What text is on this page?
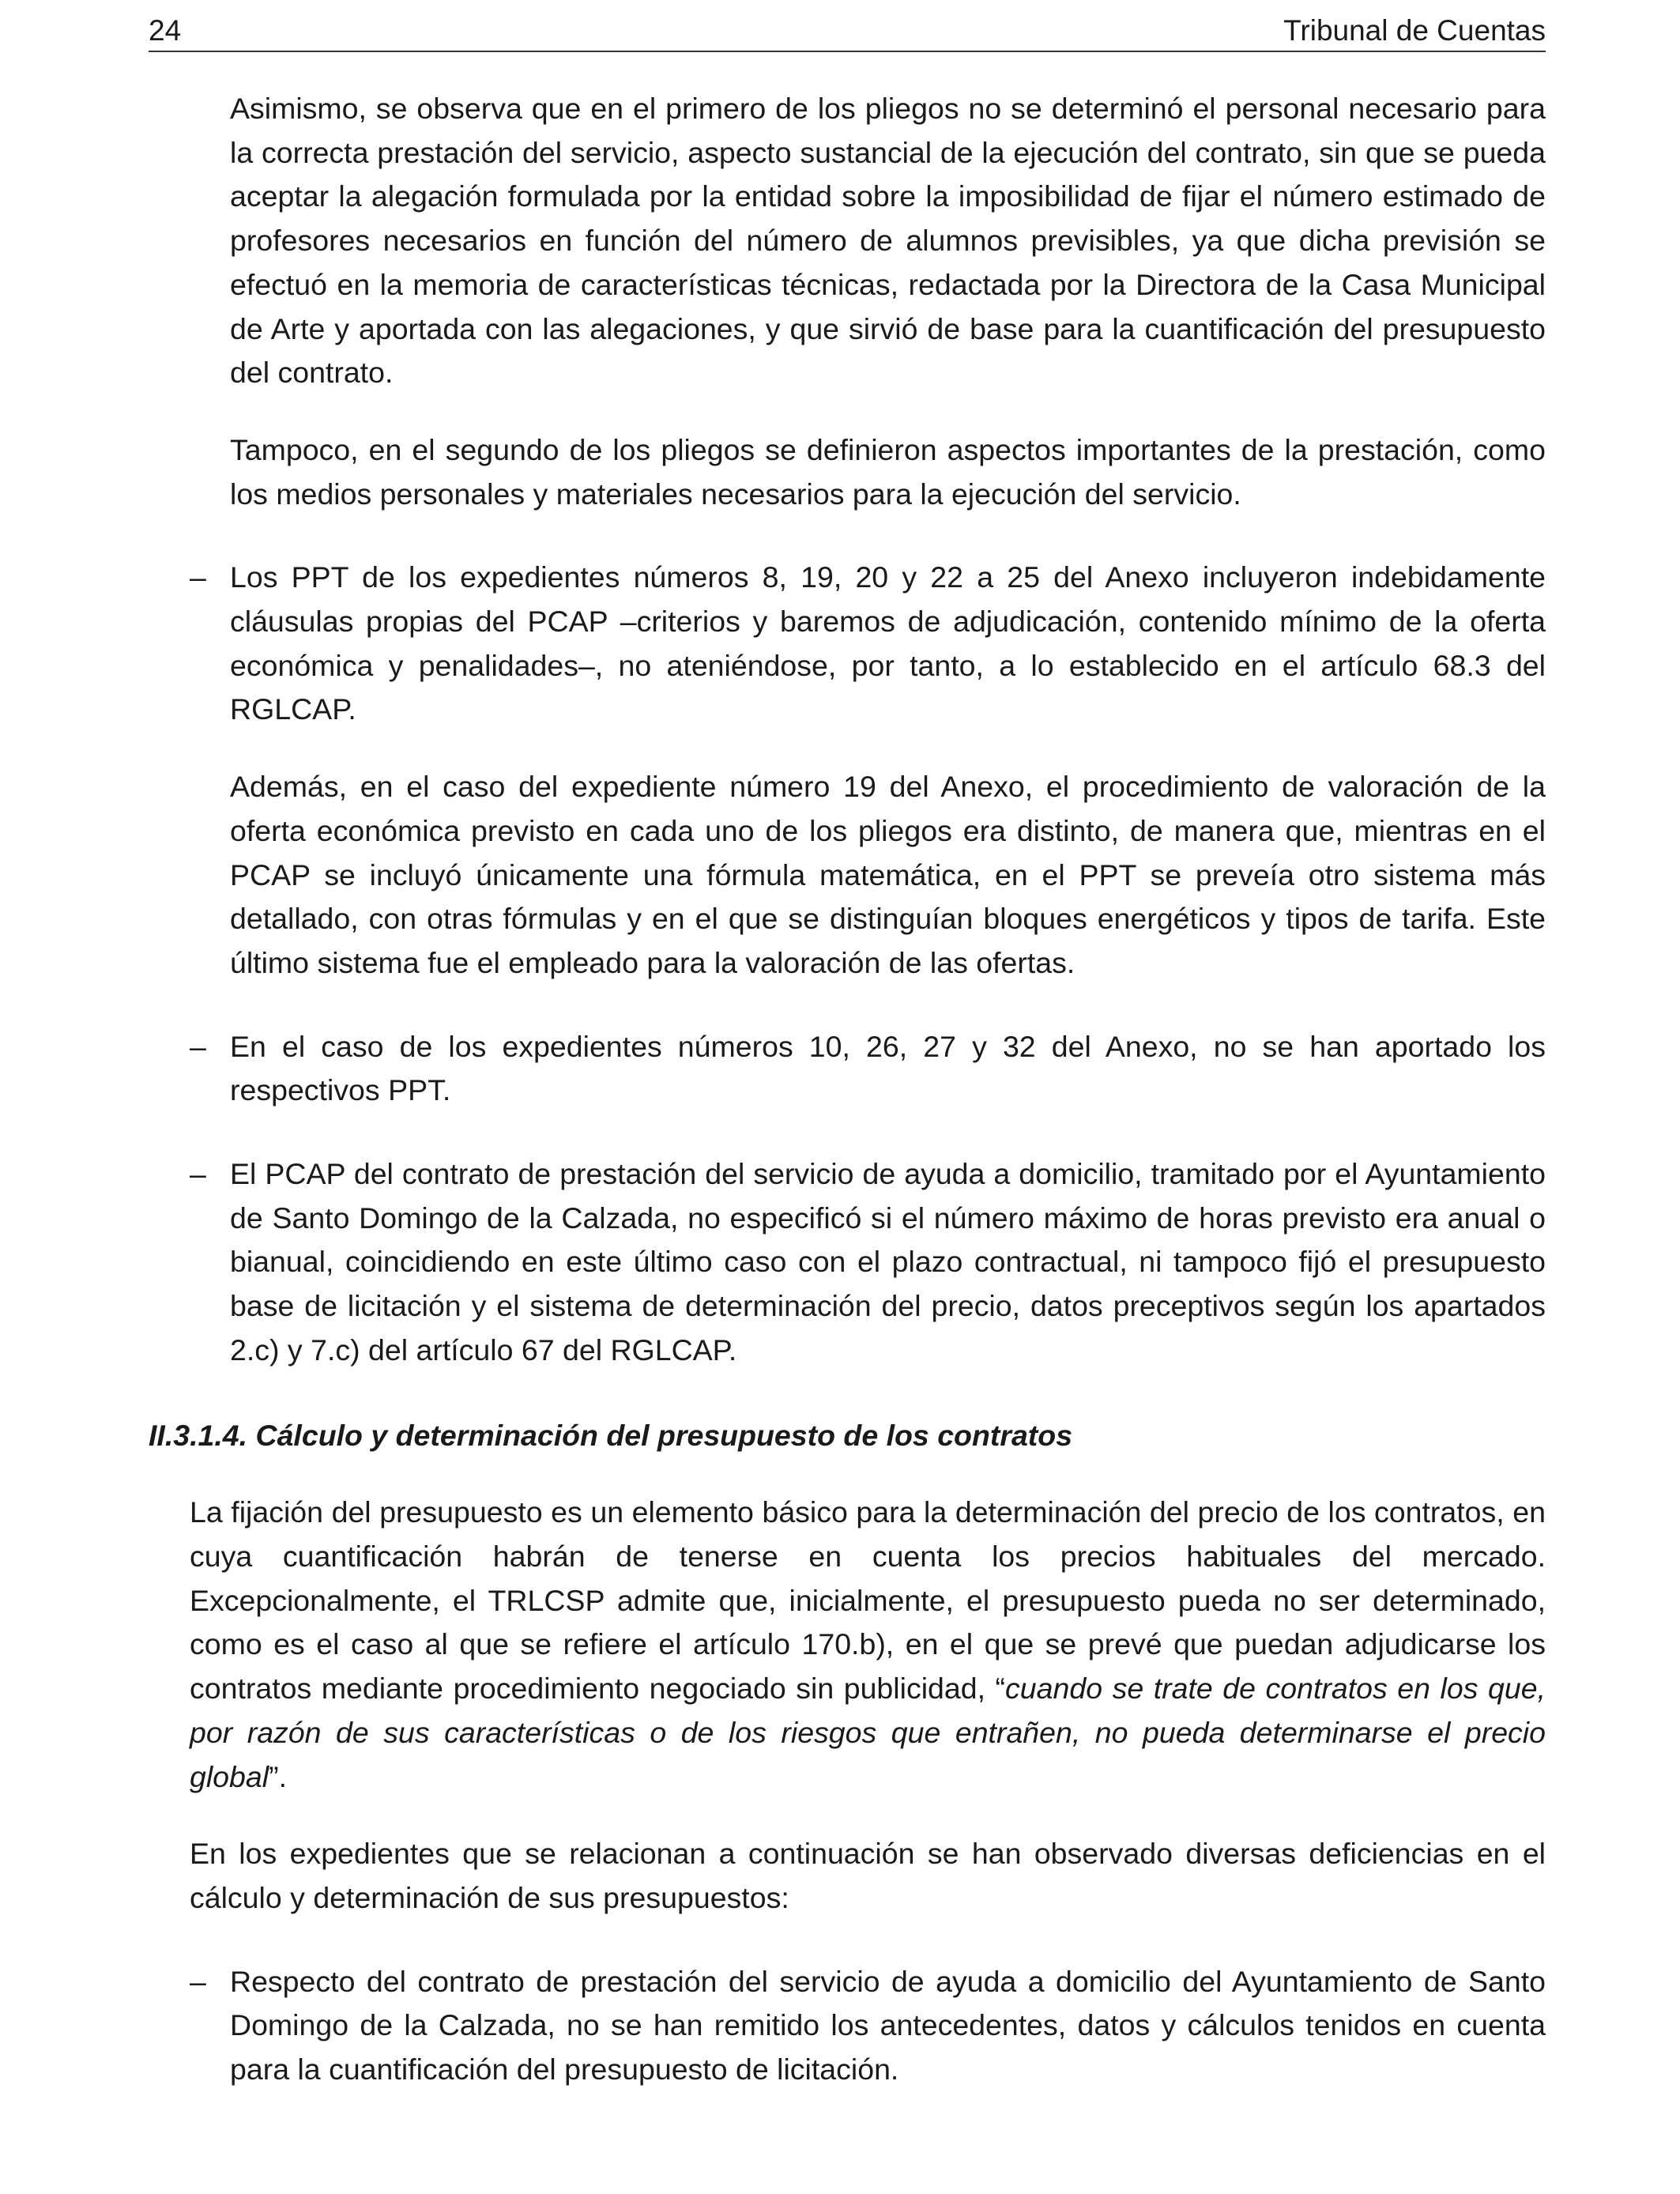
24	Tribunal de Cuentas

Asimismo, se observa que en el primero de los pliegos no se determinó el personal necesario para la correcta prestación del servicio, aspecto sustancial de la ejecución del contrato, sin que se pueda aceptar la alegación formulada por la entidad sobre la imposibilidad de fijar el número estimado de profesores necesarios en función del número de alumnos previsibles, ya que dicha previsión se efectuó en la memoria de características técnicas, redactada por la Directora de la Casa Municipal de Arte y aportada con las alegaciones, y que sirvió de base para la cuantificación del presupuesto del contrato.

Tampoco, en el segundo de los pliegos se definieron aspectos importantes de la prestación, como los medios personales y materiales necesarios para la ejecución del servicio.

– Los PPT de los expedientes números 8, 19, 20 y 22 a 25 del Anexo incluyeron indebidamente cláusulas propias del PCAP –criterios y baremos de adjudicación, contenido mínimo de la oferta económica y penalidades–, no ateniéndose, por tanto, a lo establecido en el artículo 68.3 del RGLCAP.

Además, en el caso del expediente número 19 del Anexo, el procedimiento de valoración de la oferta económica previsto en cada uno de los pliegos era distinto, de manera que, mientras en el PCAP se incluyó únicamente una fórmula matemática, en el PPT se preveía otro sistema más detallado, con otras fórmulas y en el que se distinguían bloques energéticos y tipos de tarifa. Este último sistema fue el empleado para la valoración de las ofertas.

– En el caso de los expedientes números 10, 26, 27 y 32 del Anexo, no se han aportado los respectivos PPT.

– El PCAP del contrato de prestación del servicio de ayuda a domicilio, tramitado por el Ayuntamiento de Santo Domingo de la Calzada, no especificó si el número máximo de horas previsto era anual o bianual, coincidiendo en este último caso con el plazo contractual, ni tampoco fijó el presupuesto base de licitación y el sistema de determinación del precio, datos preceptivos según los apartados 2.c) y 7.c) del artículo 67 del RGLCAP.

II.3.1.4. Cálculo y determinación del presupuesto de los contratos

La fijación del presupuesto es un elemento básico para la determinación del precio de los contratos, en cuya cuantificación habrán de tenerse en cuenta los precios habituales del mercado. Excepcionalmente, el TRLCSP admite que, inicialmente, el presupuesto pueda no ser determinado, como es el caso al que se refiere el artículo 170.b), en el que se prevé que puedan adjudicarse los contratos mediante procedimiento negociado sin publicidad, “cuando se trate de contratos en los que, por razón de sus características o de los riesgos que entrañen, no pueda determinarse el precio global”.

En los expedientes que se relacionan a continuación se han observado diversas deficiencias en el cálculo y determinación de sus presupuestos:

– Respecto del contrato de prestación del servicio de ayuda a domicilio del Ayuntamiento de Santo Domingo de la Calzada, no se han remitido los antecedentes, datos y cálculos tenidos en cuenta para la cuantificación del presupuesto de licitación.
